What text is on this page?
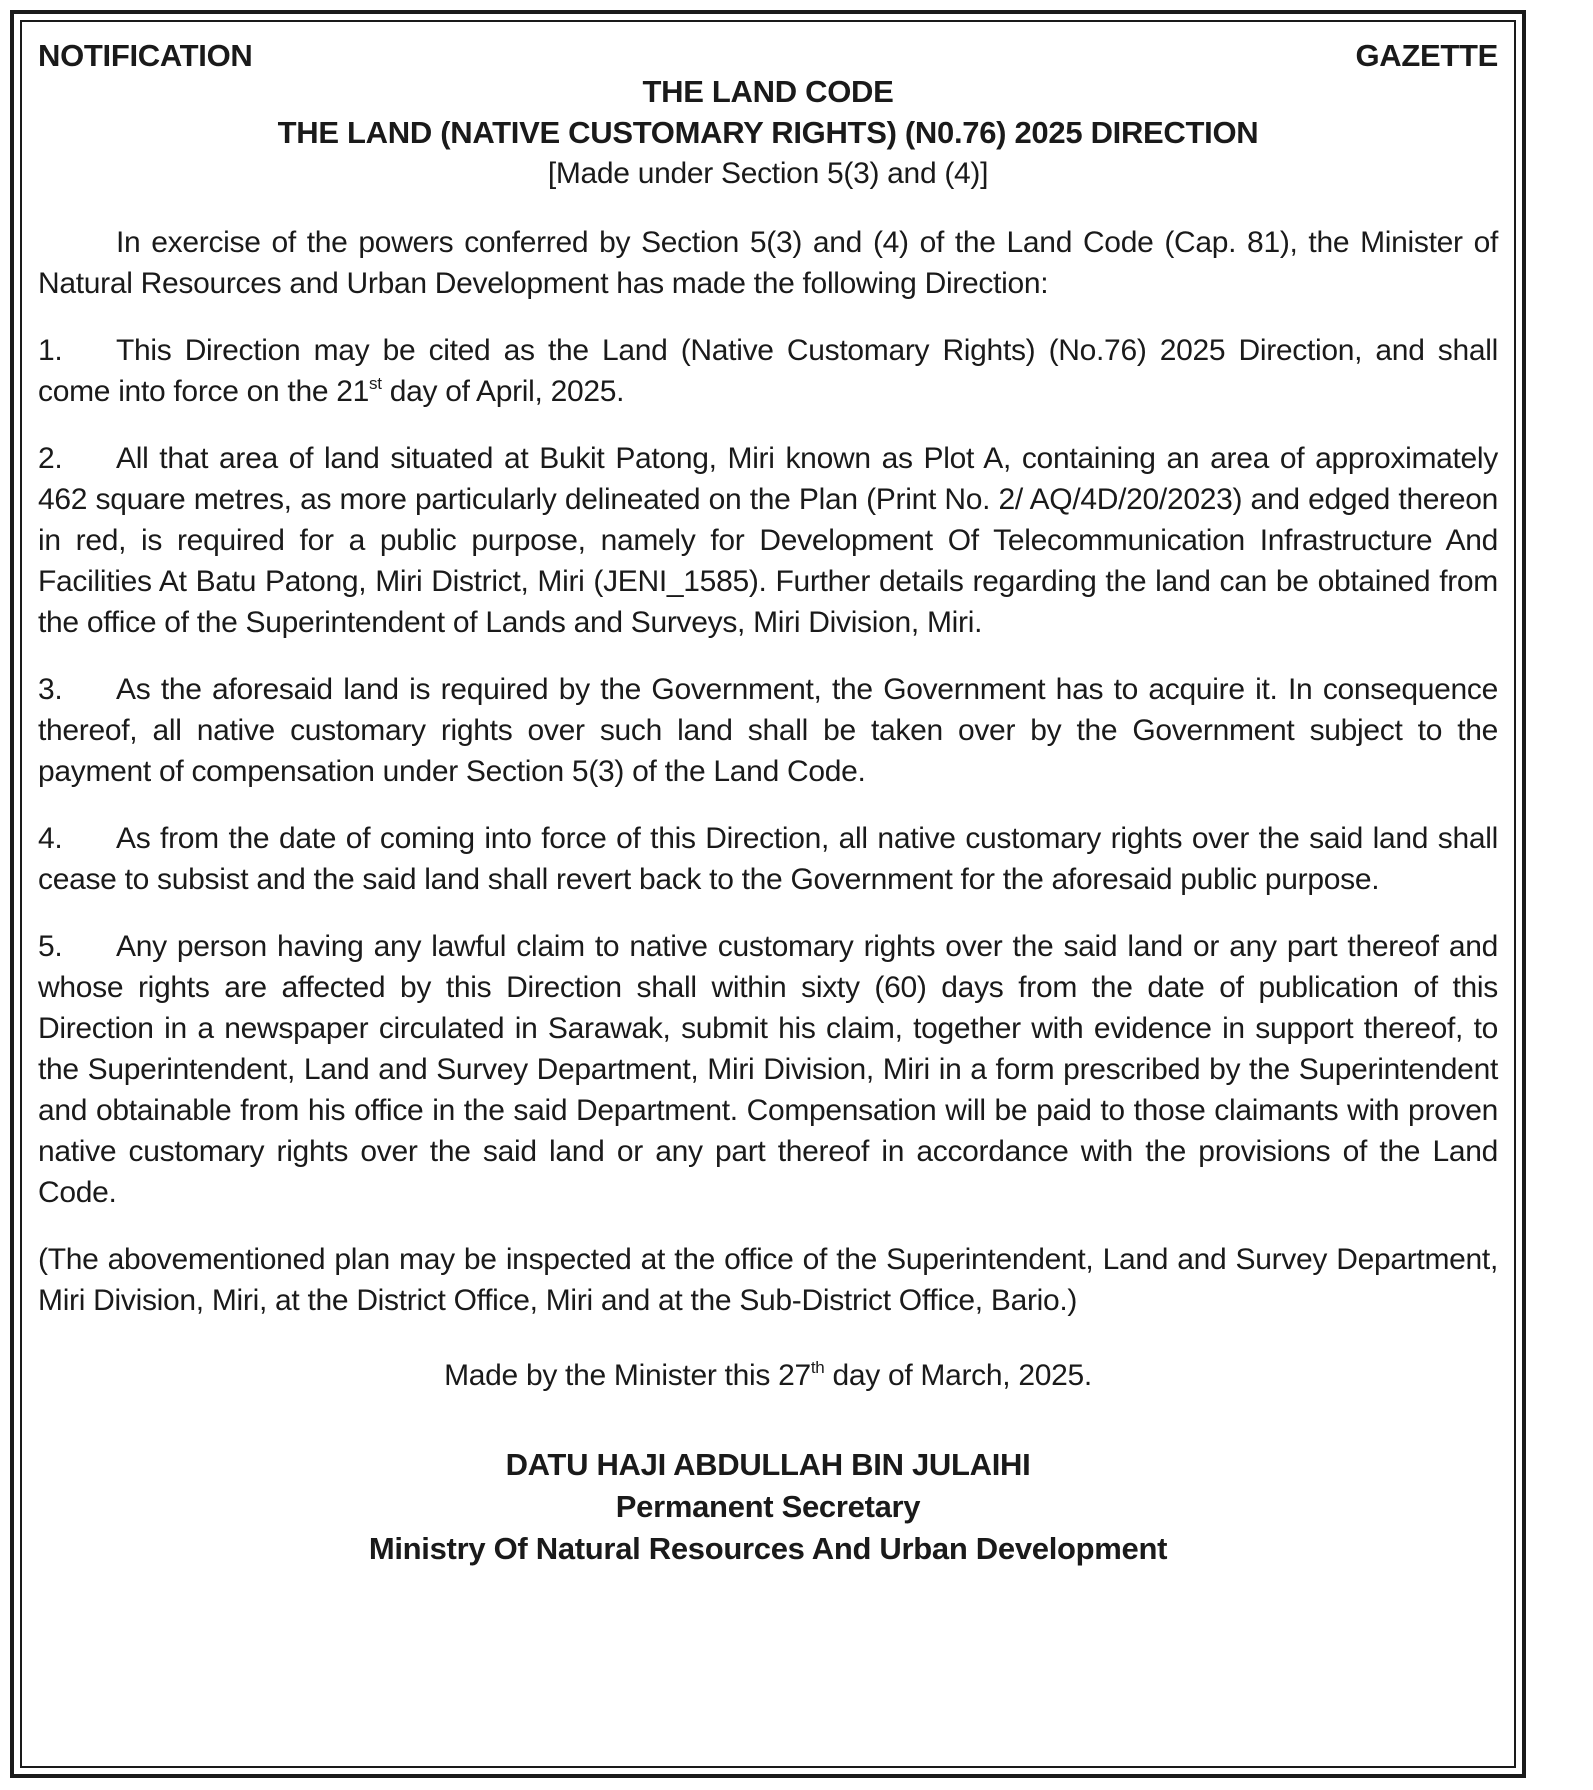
NOTIFICATION	GAZETTE
THE LAND CODE
THE LAND (NATIVE CUSTOMARY RIGHTS) (N0.76) 2025 DIRECTION
[Made under Section 5(3) and (4)]

In exercise of the powers conferred by Section 5(3) and (4) of the Land Code (Cap. 81), the Minister of Natural Resources and Urban Development has made the following Direction:

1. This Direction may be cited as the Land (Native Customary Rights) (No.76) 2025 Direction, and shall come into force on the 21st day of April, 2025.

2. All that area of land situated at Bukit Patong, Miri known as Plot A, containing an area of approximately 462 square metres, as more particularly delineated on the Plan (Print No. 2/ AQ/4D/20/2023) and edged thereon in red, is required for a public purpose, namely for Development Of Telecommunication Infrastructure And Facilities At Batu Patong, Miri District, Miri (JENI_1585). Further details regarding the land can be obtained from the office of the Superintendent of Lands and Surveys, Miri Division, Miri.

3. As the aforesaid land is required by the Government, the Government has to acquire it. In consequence thereof, all native customary rights over such land shall be taken over by the Government subject to the payment of compensation under Section 5(3) of the Land Code.

4. As from the date of coming into force of this Direction, all native customary rights over the said land shall cease to subsist and the said land shall revert back to the Government for the aforesaid public purpose.

5. Any person having any lawful claim to native customary rights over the said land or any part thereof and whose rights are affected by this Direction shall within sixty (60) days from the date of publication of this Direction in a newspaper circulated in Sarawak, submit his claim, together with evidence in support thereof, to the Superintendent, Land and Survey Department, Miri Division, Miri in a form prescribed by the Superintendent and obtainable from his office in the said Department. Compensation will be paid to those claimants with proven native customary rights over the said land or any part thereof in accordance with the provisions of the Land Code.

(The abovementioned plan may be inspected at the office of the Superintendent, Land and Survey Department, Miri Division, Miri, at the District Office, Miri and at the Sub-District Office, Bario.)

Made by the Minister this 27th day of March, 2025.
DATU HAJI ABDULLAH BIN JULAIHI
Permanent Secretary
Ministry Of Natural Resources And Urban Development
